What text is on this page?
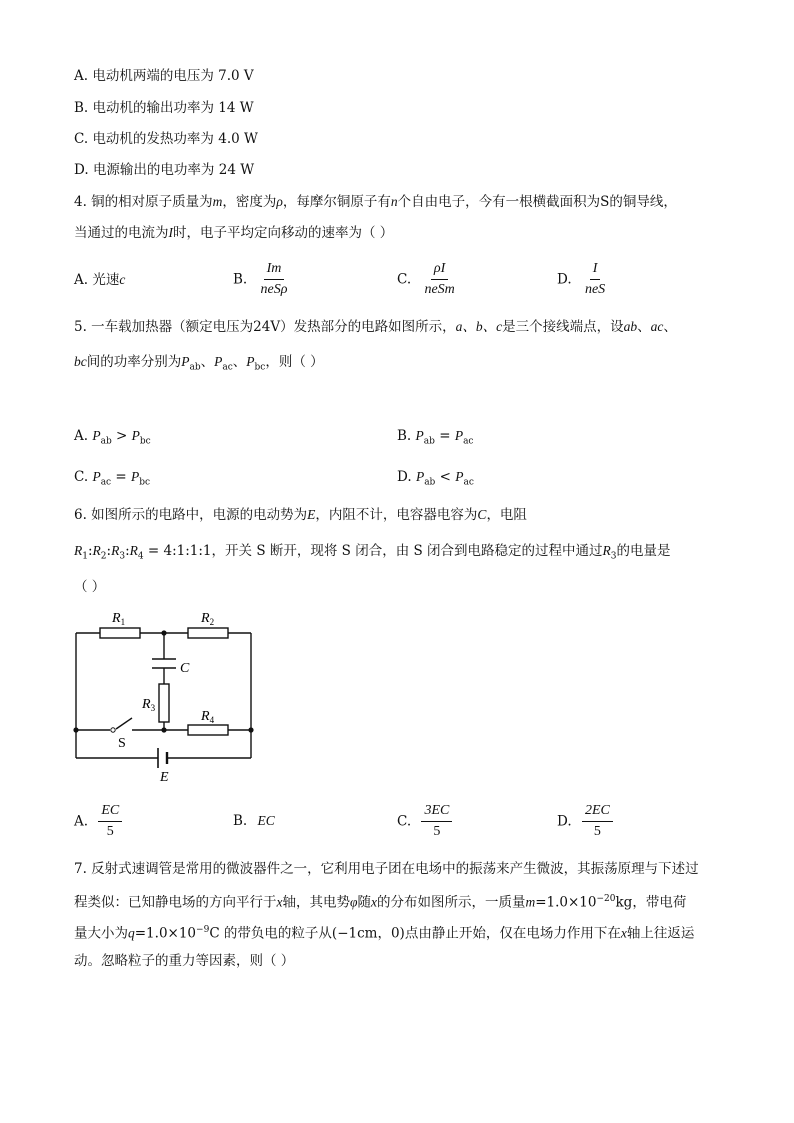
A. 电动机两端的电压为 7.0 V
B. 电动机的输出功率为 14 W
C. 电动机的发热功率为 4.0 W
D. 电源输出的电功率为 24 W
4. 铜的相对原子质量为m，密度为ρ，每摩尔铜原子有n个自由电子，今有一根横截面积为S的铜导线，
当通过的电流为I时，电子平均定向移动的速率为（ ）
A. 光速c	B. $\frac{Im}{\text{neSρ}}$	C. $\frac{\rho I}{\text{neSm}}$	D. $\frac{I}{\text{neS}}$
5. 一车载加热器（额定电压为24V）发热部分的电路如图所示，a、b、c是三个接线端点，设ab、ac、
bc间的功率分别为$P_{ab}$、$P_{ac}$、$P_{bc}$，则（ ）
A. $P_{ab} > P_{bc}$	B. $P_{ab} = P_{ac}$
C. $P_{ac} = P_{bc}$	D. $P_{ab} < P_{ac}$
6. 如图所示的电路中，电源的电动势为E，内阻不计，电容器电容为C，电阻
$R_1:R_2:R_3:R_4$ = 4:1:1:1，开关 S 断开，现将 S 闭合，由 S 闭合到电路稳定的过程中通过$R_3$的电量是
（ ）
$R_1$	$R_2$
C
$R_3$
$R_4$
S
E
A. $\frac{EC}{5}$	B. EC	C. $\frac{3EC}{5}$	D. $\frac{2EC}{5}$
7. 反射式速调管是常用的微波器件之一，它利用电子团在电场中的振荡来产生微波，其振荡原理与下述过
程类似：已知静电场的方向平行于x轴，其电势φ随x的分布如图所示，一质量$m=1.0\times 10^{-20}kg$，带电荷
量大小为$q=1.0\times 10^{-9}C$ 的带负电的粒子从(−1cm，0)点由静止开始，仅在电场力作用下在x轴上往返运
动。忽略粒子的重力等因素，则（ ）
